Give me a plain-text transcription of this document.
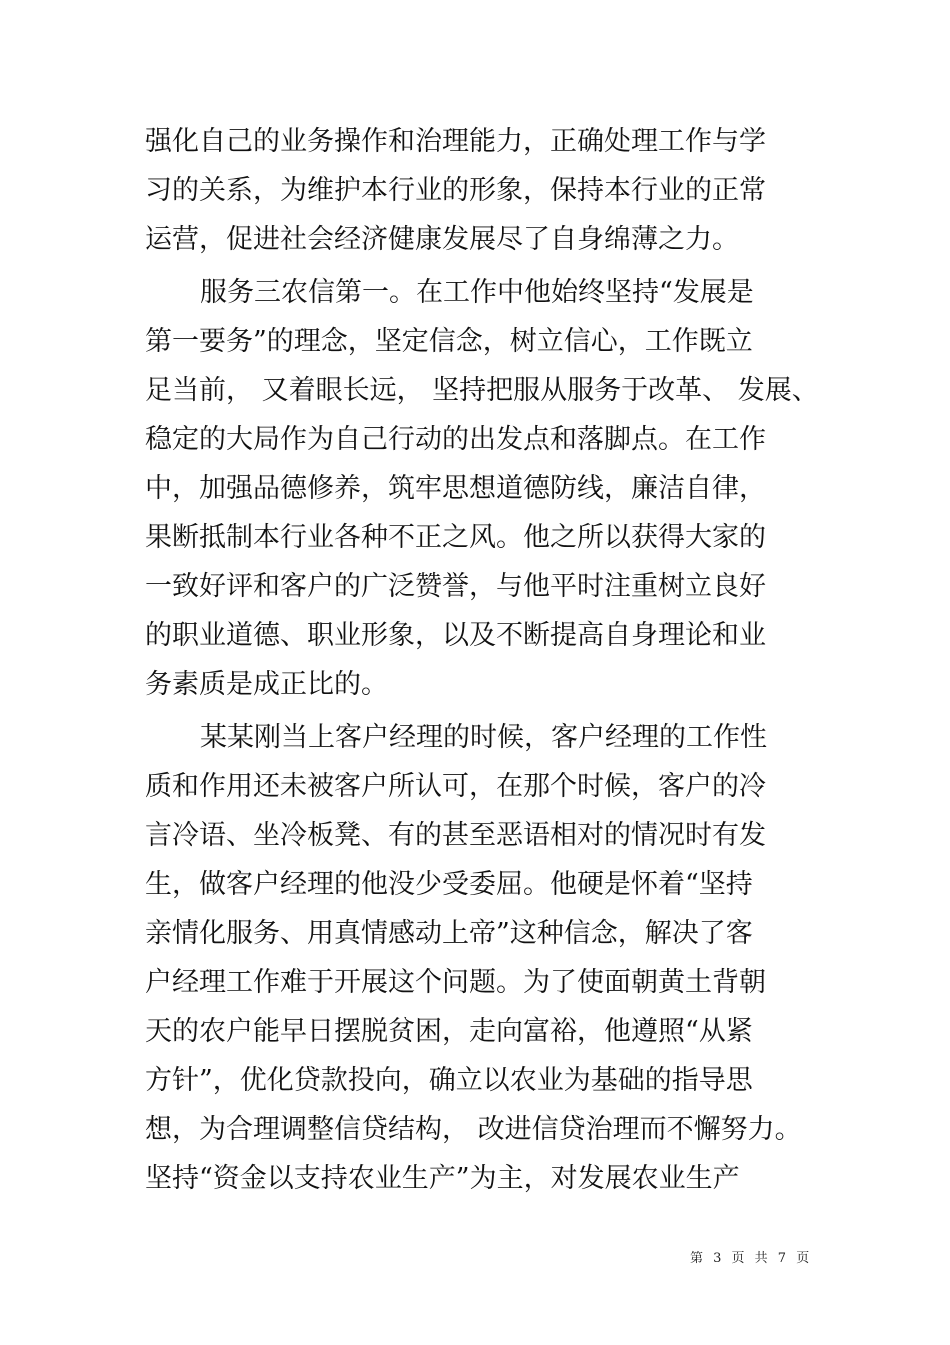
强化自己的业务操作和治理能力，正确处理工作与学
习的关系，为维护本行业的形象，保持本行业的正常
运营，促进社会经济健康发展尽了自身绵薄之力。
服务三农信第一。在工作中他始终坚持“发展是
第一要务”的理念，坚定信念，树立信心，工作既立
足当前， 又着眼长远， 坚持把服从服务于改革、 发展、
稳定的大局作为自己行动的出发点和落脚点。在工作
中，加强品德修养，筑牢思想道德防线，廉洁自律，
果断抵制本行业各种不正之风。他之所以获得大家的
一致好评和客户的广泛赞誉，与他平时注重树立良好
的职业道德、职业形象，以及不断提高自身理论和业
务素质是成正比的。
某某刚当上客户经理的时候，客户经理的工作性
质和作用还未被客户所认可，在那个时候，客户的冷
言冷语、坐冷板凳、有的甚至恶语相对的情况时有发
生，做客户经理的他没少受委屈。他硬是怀着“坚持
亲情化服务、用真情感动上帝”这种信念，解决了客
户经理工作难于开展这个问题。为了使面朝黄土背朝
天的农户能早日摆脱贫困，走向富裕，他遵照“从紧
方针”，优化贷款投向，确立以农业为基础的指导思
想，为合理调整信贷结构， 改进信贷治理而不懈努力。
坚持“资金以支持农业生产”为主，对发展农业生产
第 3 页 共 7 页
